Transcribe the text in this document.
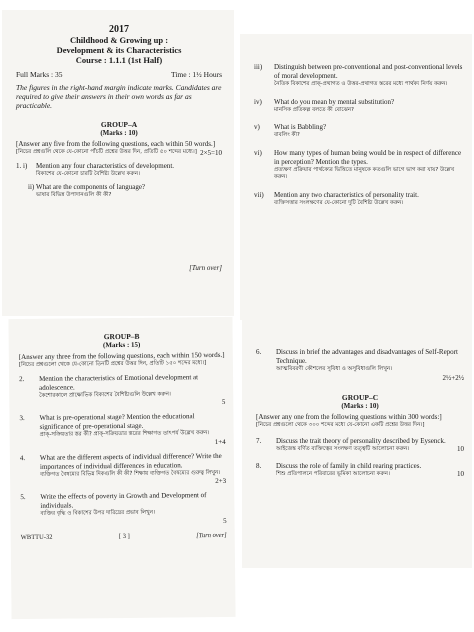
2017
Childhood & Growing up :
Development & its Characteristics
Course : 1.1.1 (1st Half)
Full Marks : 35	Time : 1½ Hours
The figures in the right-hand margin indicate marks. Candidates are required to give their answers in their own words as far as practicable.
GROUP–A
(Marks : 10)
[Answer any five from the following questions, each within 50 words.]
2×5=10
[নিচের প্রশ্নগুলি থেকে যে-কোনো পাঁচটি প্রশ্নের উত্তর দিন, প্রতিটি ৫০ শব্দের মধ্যে।]
1. i)	Mention any four characteristics of development.
বিকাশের যে-কোনো চারটি বৈশিষ্ট্য উল্লেখ করুন।
ii) What are the components of language?
ভাষার বিভিন্ন উপাদানগুলি কী কী?
[Turn over]
iii)	Distinguish between pre-conventional and post-conventional levels of moral development.
নৈতিক বিকাশের প্রাক্-প্রথাগত ও উত্তর-প্রথাগত স্তরের মধ্যে পার্থক্য নির্ণয় করুন।
iv)	What do you mean by mental substitution?
মানসিক প্রতিকল্প বলতে কী বোঝেন?
v)	What is Babbling?
বাবলিং কী?
vi)	How many types of human being would be in respect of difference in perception? Mention the types.
প্রত্যক্ষণ প্রক্রিয়ার পার্থক্যের ভিত্তিতে মানুষকে কতগুলি ভাগে ভাগ করা যায়? উল্লেখ করুন।
vii)	Mention any two characteristics of personality trait.
ব্যক্তিসত্তার সংলক্ষণের যে-কোনো দুটি বৈশিষ্ট্য উল্লেখ করুন।
GROUP–B
(Marks : 15)
[Answer any three from the following questions, each within 150 words.]
[নিচের প্রশ্নগুলো থেকে যে-কোনো তিনটি প্রশ্নের উত্তর দিন, প্রতিটি ১৫০ শব্দের মধ্যে।]
2.	Mention the characteristics of Emotional development at adolescence.
কৈশোরকালে প্রাক্ষোভিক বিকাশের বৈশিষ্ট্যগুলি উল্লেখ করুন।
5
3.	What is pre-operational stage? Mention the educational significance of pre-operational stage.
প্রাক্-সক্রিয়তার স্তর কী? প্রাক্-সক্রিয়তার স্তরের শিক্ষাগত তাৎপর্য উল্লেখ করুন।
1+4
4.	What are the different aspects of individual difference? Write the importances of individual differences in education.
ব্যক্তিগত বৈষম্যের বিভিন্ন দিকগুলি কী কী? শিক্ষায় ব্যক্তিগত বৈষম্যের গুরুত্ব লিখুন।
2+3
5.	Write the effects of poverty in Growth and Development of individuals.
ব্যক্তির বৃদ্ধি ও বিকাশের উপর দারিদ্রের প্রভাব লিখুন।
5
WBTTU-32	[ 3 ]	[Turn over]
6.	Discuss in brief the advantages and disadvantages of Self-Report Technique.
আত্মবিবরণী কৌশলের সুবিধা ও অসুবিধাগুলি লিখুন।
2½+2½
GROUP–C
(Marks : 10)
[Answer any one from the following questions within 300 words:]
[নিচের প্রশ্নগুলো থেকে ৩০০ শব্দের মধ্যে যে-কোনো একটি প্রশ্নের উত্তর দিন।]
7.	Discuss the trait theory of personality described by Eysenck.
আইজেঙ্ক বর্ণিত ব্যক্তিত্বের সংলক্ষণ তত্ত্বটি আলোচনা করুন।	10
8.	Discuss the role of family in child rearing practices.
শিশু প্রতিপালনে পরিবারের ভূমিকা আলোচনা করুন।	10
